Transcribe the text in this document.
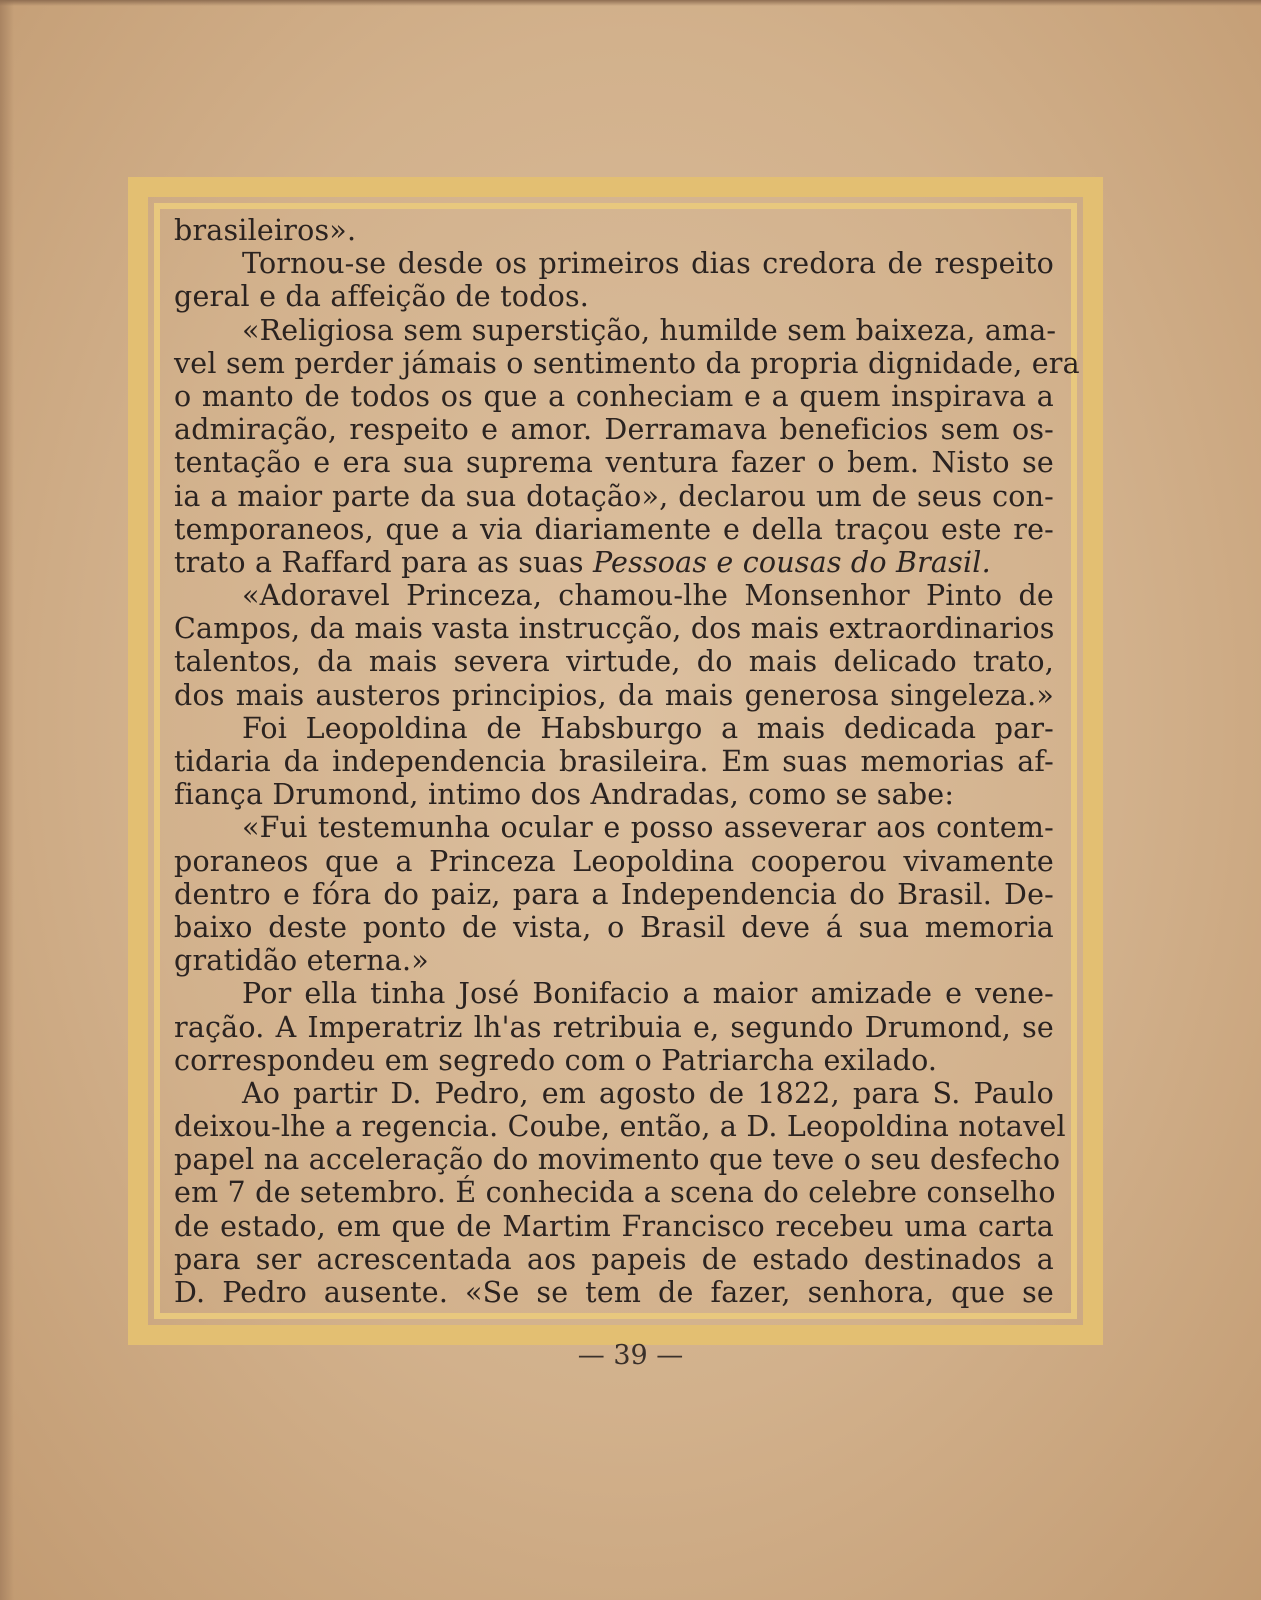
brasileiros».
Tornou-se desde os primeiros dias credora de respeito
geral e da affeição de todos.
«Religiosa sem superstição, humilde sem baixeza, ama-
vel sem perder jámais o sentimento da propria dignidade, era
o manto de todos os que a conheciam e a quem inspirava a
admiração, respeito e amor. Derramava beneficios sem os-
tentação e era sua suprema ventura fazer o bem. Nisto se
ia a maior parte da sua dotação», declarou um de seus con-
temporaneos, que a via diariamente e della traçou este re-
trato a Raffard para as suas Pessoas e cousas do Brasil.
«Adoravel Princeza, chamou-lhe Monsenhor Pinto de
Campos, da mais vasta instrucção, dos mais extraordinarios
talentos, da mais severa virtude, do mais delicado trato,
dos mais austeros principios, da mais generosa singeleza.»
Foi Leopoldina de Habsburgo a mais dedicada par-
tidaria da independencia brasileira. Em suas memorias af-
fiança Drumond, intimo dos Andradas, como se sabe:
«Fui testemunha ocular e posso asseverar aos contem-
poraneos que a Princeza Leopoldina cooperou vivamente
dentro e fóra do paiz, para a Independencia do Brasil. De-
baixo deste ponto de vista, o Brasil deve á sua memoria
gratidão eterna.»
Por ella tinha José Bonifacio a maior amizade e vene-
ração. A Imperatriz lh'as retribuia e, segundo Drumond, se
correspondeu em segredo com o Patriarcha exilado.
Ao partir D. Pedro, em agosto de 1822, para S. Paulo
deixou-lhe a regencia. Coube, então, a D. Leopoldina notavel
papel na acceleração do movimento que teve o seu desfecho
em 7 de setembro. É conhecida a scena do celebre conselho
de estado, em que de Martim Francisco recebeu uma carta
para ser acrescentada aos papeis de estado destinados a
D. Pedro ausente. «Se se tem de fazer, senhora, que se
— 39 —
